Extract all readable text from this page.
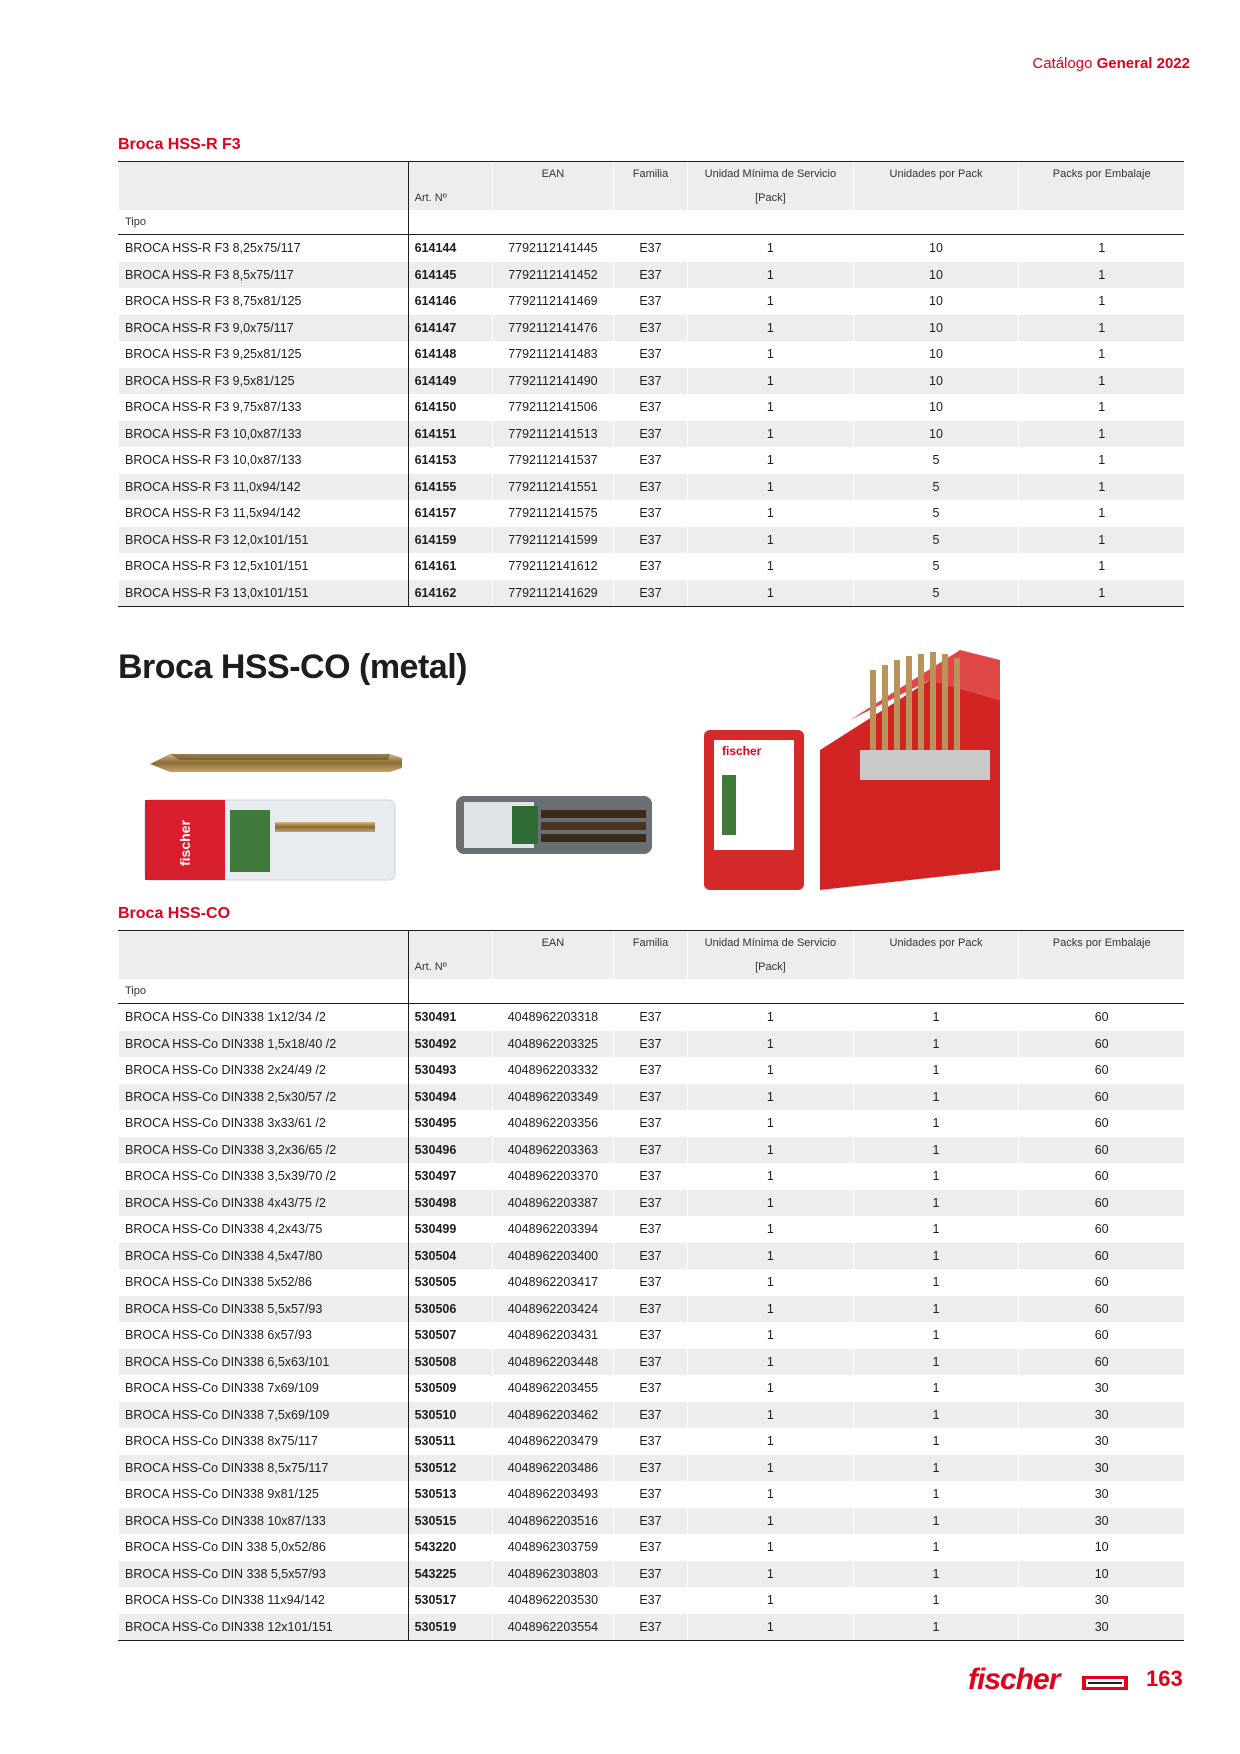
Catálogo General 2022
Broca HSS-R F3
		EAN	Familia	Unidad Mínima de Servicio	Unidades por Pack	Packs por Embalaje
	Art. Nº			[Pack]		
Tipo						
BROCA HSS-R F3 8,25x75/117	614144	7792112141445	E37	1	10	1
BROCA HSS-R F3 8,5x75/117	614145	7792112141452	E37	1	10	1
BROCA HSS-R F3 8,75x81/125	614146	7792112141469	E37	1	10	1
BROCA HSS-R F3 9,0x75/117	614147	7792112141476	E37	1	10	1
BROCA HSS-R F3 9,25x81/125	614148	7792112141483	E37	1	10	1
BROCA HSS-R F3 9,5x81/125	614149	7792112141490	E37	1	10	1
BROCA HSS-R F3 9,75x87/133	614150	7792112141506	E37	1	10	1
BROCA HSS-R F3 10,0x87/133	614151	7792112141513	E37	1	10	1
BROCA HSS-R F3 10,0x87/133	614153	7792112141537	E37	1	5	1
BROCA HSS-R F3 11,0x94/142	614155	7792112141551	E37	1	5	1
BROCA HSS-R F3 11,5x94/142	614157	7792112141575	E37	1	5	1
BROCA HSS-R F3 12,0x101/151	614159	7792112141599	E37	1	5	1
BROCA HSS-R F3 12,5x101/151	614161	7792112141612	E37	1	5	1
BROCA HSS-R F3 13,0x101/151	614162	7792112141629	E37	1	5	1
Broca HSS-CO (metal)
fischer
fischer
Broca HSS-CO
		EAN	Familia	Unidad Mínima de Servicio	Unidades por Pack	Packs por Embalaje
	Art. Nº			[Pack]		
Tipo						
BROCA HSS-Co DIN338 1x12/34 /2	530491	4048962203318	E37	1	1	60
BROCA HSS-Co DIN338 1,5x18/40 /2	530492	4048962203325	E37	1	1	60
BROCA HSS-Co DIN338 2x24/49 /2	530493	4048962203332	E37	1	1	60
BROCA HSS-Co DIN338 2,5x30/57 /2	530494	4048962203349	E37	1	1	60
BROCA HSS-Co DIN338 3x33/61 /2	530495	4048962203356	E37	1	1	60
BROCA HSS-Co DIN338 3,2x36/65 /2	530496	4048962203363	E37	1	1	60
BROCA HSS-Co DIN338 3,5x39/70 /2	530497	4048962203370	E37	1	1	60
BROCA HSS-Co DIN338 4x43/75 /2	530498	4048962203387	E37	1	1	60
BROCA HSS-Co DIN338 4,2x43/75	530499	4048962203394	E37	1	1	60
BROCA HSS-Co DIN338 4,5x47/80	530504	4048962203400	E37	1	1	60
BROCA HSS-Co DIN338 5x52/86	530505	4048962203417	E37	1	1	60
BROCA HSS-Co DIN338 5,5x57/93	530506	4048962203424	E37	1	1	60
BROCA HSS-Co DIN338 6x57/93	530507	4048962203431	E37	1	1	60
BROCA HSS-Co DIN338 6,5x63/101	530508	4048962203448	E37	1	1	60
BROCA HSS-Co DIN338 7x69/109	530509	4048962203455	E37	1	1	30
BROCA HSS-Co DIN338 7,5x69/109	530510	4048962203462	E37	1	1	30
BROCA HSS-Co DIN338 8x75/117	530511	4048962203479	E37	1	1	30
BROCA HSS-Co DIN338 8,5x75/117	530512	4048962203486	E37	1	1	30
BROCA HSS-Co DIN338 9x81/125	530513	4048962203493	E37	1	1	30
BROCA HSS-Co DIN338 10x87/133	530515	4048962203516	E37	1	1	30
BROCA HSS-Co DIN 338 5,0x52/86	543220	4048962303759	E37	1	1	10
BROCA HSS-Co DIN 338 5,5x57/93	543225	4048962303803	E37	1	1	10
BROCA HSS-Co DIN338 11x94/142	530517	4048962203530	E37	1	1	30
BROCA HSS-Co DIN338 12x101/151	530519	4048962203554	E37	1	1	30
fischer	163
